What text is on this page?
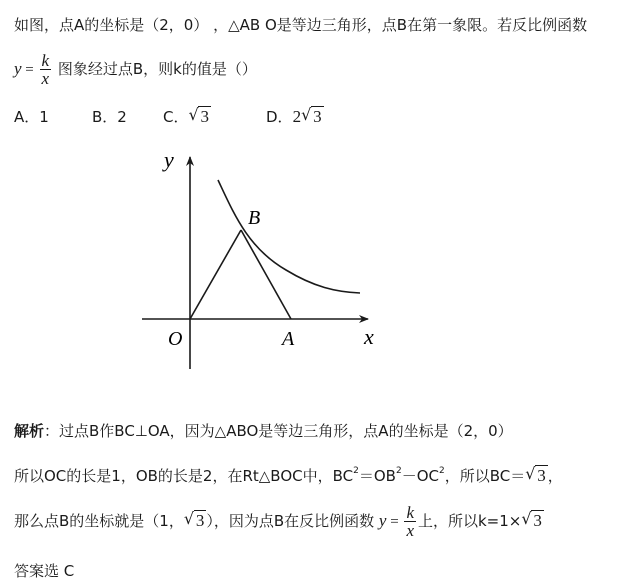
如图，点A的坐标是（2，0） ，△AB O是等边三角形，点B在第一象限。若反比例函数
$y = \frac{k}{x}$ 图象经过点B，则k的值是（）
A．1	B．2 C． √ 3	D．2 √ 3
y
x
O	A
B
解析：过点B作BC⊥OA，因为△ABO是等边三角形，点A的坐标是（2，0）
所以OC的长是1，OB的长是2，在Rt△BOC中，$BC^2=OB^2-OC^2$，所以BC＝ √ 3 ，
那么点B的坐标就是（1， √ 3 ），因为点B在反比例函数 $y = \frac{k}{x}$ 上，所以k=1× √ 3
答案选 C
